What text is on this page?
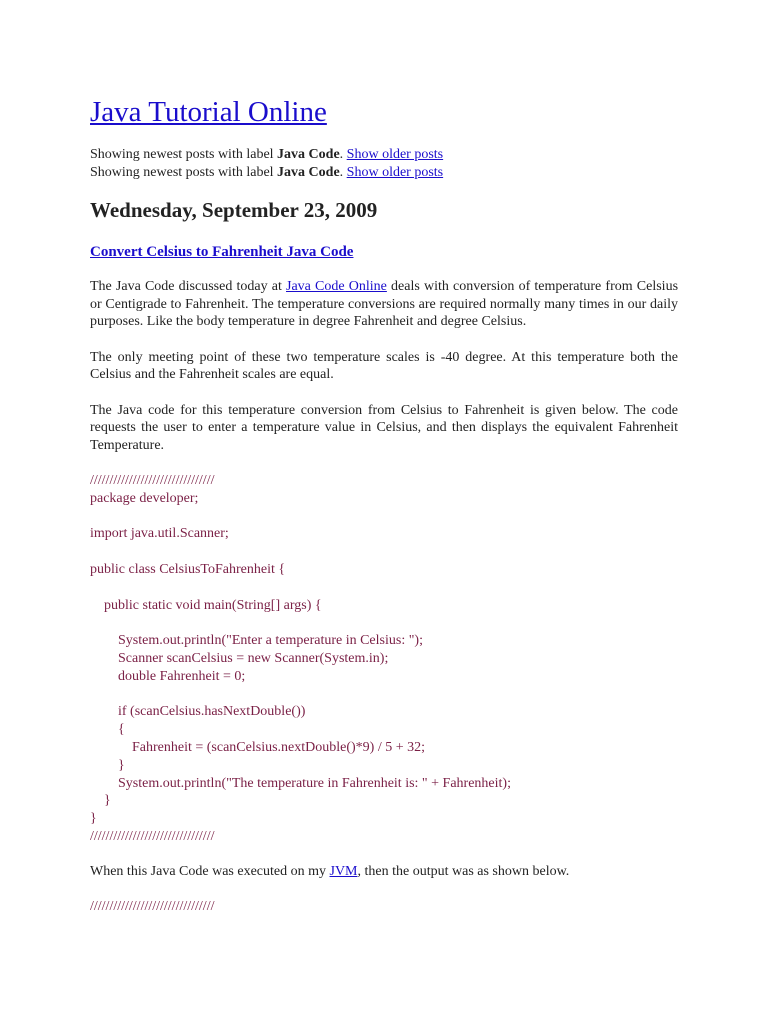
Java Tutorial Online
Showing newest posts with label Java Code. Show older posts
Showing newest posts with label Java Code. Show older posts
Wednesday, September 23, 2009
Convert Celsius to Fahrenheit Java Code

The Java Code discussed today at Java Code Online deals with conversion of temperature from Celsius or Centigrade to Fahrenheit. The temperature conversions are required normally many times in our daily purposes. Like the body temperature in degree Fahrenheit and degree Celsius.

The only meeting point of these two temperature scales is -40 degree. At this temperature both the Celsius and the Fahrenheit scales are equal.

The Java code for this temperature conversion from Celsius to Fahrenheit is given below. The code requests the user to enter a temperature value in Celsius, and then displays the equivalent Fahrenheit Temperature.

////////////////////////////////
package developer;

import java.util.Scanner;

public class CelsiusToFahrenheit {

public static void main(String[] args) {

System.out.println("Enter a temperature in Celsius: ");
Scanner scanCelsius = new Scanner(System.in);
double Fahrenheit = 0;

if (scanCelsius.hasNextDouble())
{
Fahrenheit = (scanCelsius.nextDouble()*9) / 5 + 32;
}
System.out.println("The temperature in Fahrenheit is: " + Fahrenheit);
}
}
////////////////////////////////

When this Java Code was executed on my JVM, then the output was as shown below.

////////////////////////////////
